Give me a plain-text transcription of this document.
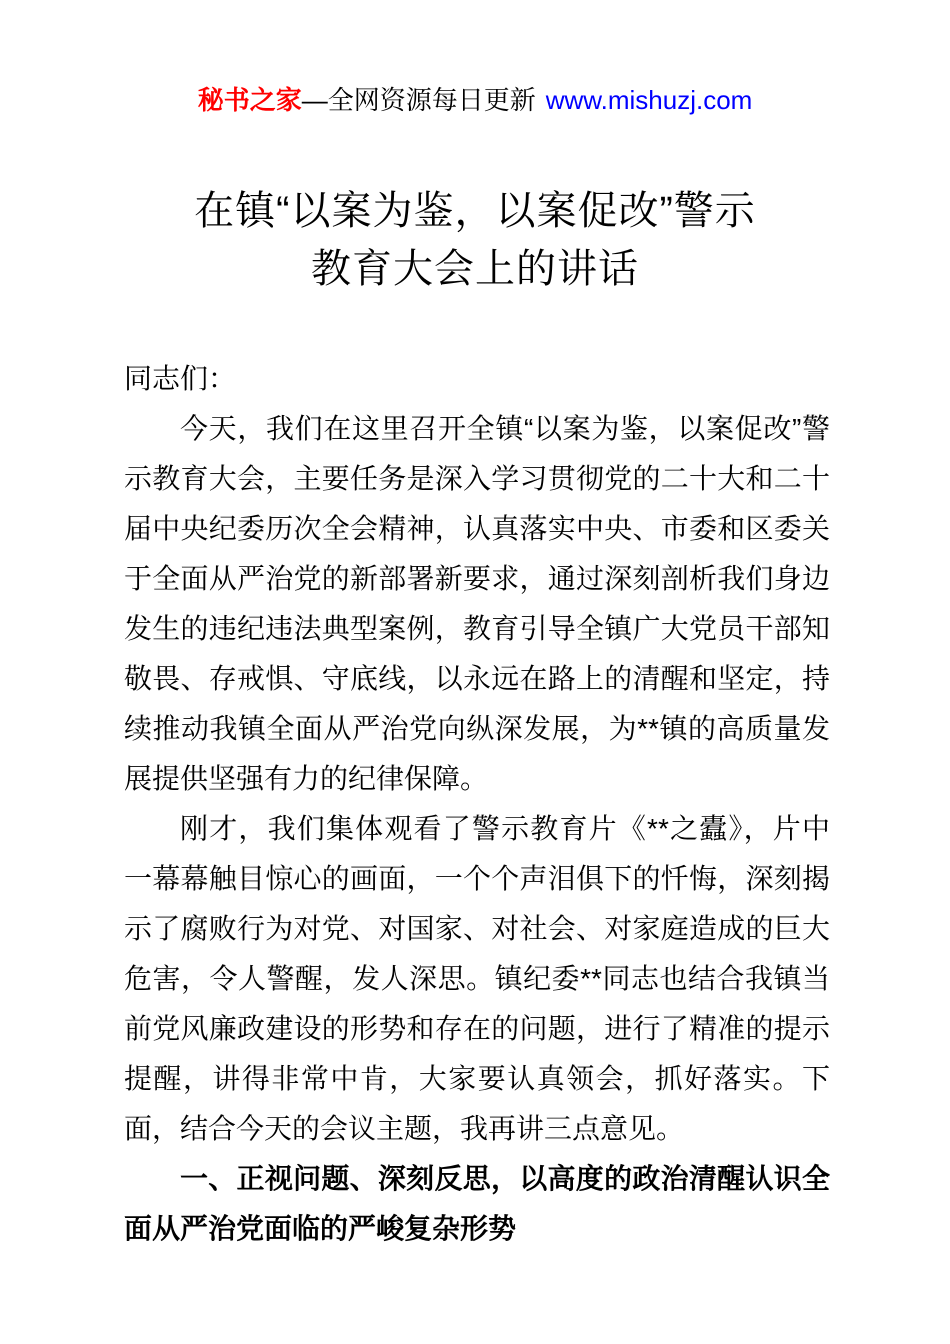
秘书之家—全网资源每日更新 www.mishuzj.com
在镇“以案为鉴，以案促改”警示
教育大会上的讲话

同志们：

今天，我们在这里召开全镇“以案为鉴，以案促改”警示教育大会，主要任务是深入学习贯彻党的二十大和二十届中央纪委历次全会精神，认真落实中央、市委和区委关于全面从严治党的新部署新要求，通过深刻剖析我们身边发生的违纪违法典型案例，教育引导全镇广大党员干部知敬畏、存戒惧、守底线，以永远在路上的清醒和坚定，持续推动我镇全面从严治党向纵深发展，为**镇的高质量发展提供坚强有力的纪律保障。

刚才，我们集体观看了警示教育片《**之蠹》，片中一幕幕触目惊心的画面，一个个声泪俱下的忏悔，深刻揭示了腐败行为对党、对国家、对社会、对家庭造成的巨大危害，令人警醒，发人深思。镇纪委**同志也结合我镇当前党风廉政建设的形势和存在的问题，进行了精准的提示提醒，讲得非常中肯，大家要认真领会，抓好落实。下面，结合今天的会议主题，我再讲三点意见。

一、正视问题、深刻反思，以高度的政治清醒认识全面从严治党面临的严峻复杂形势
